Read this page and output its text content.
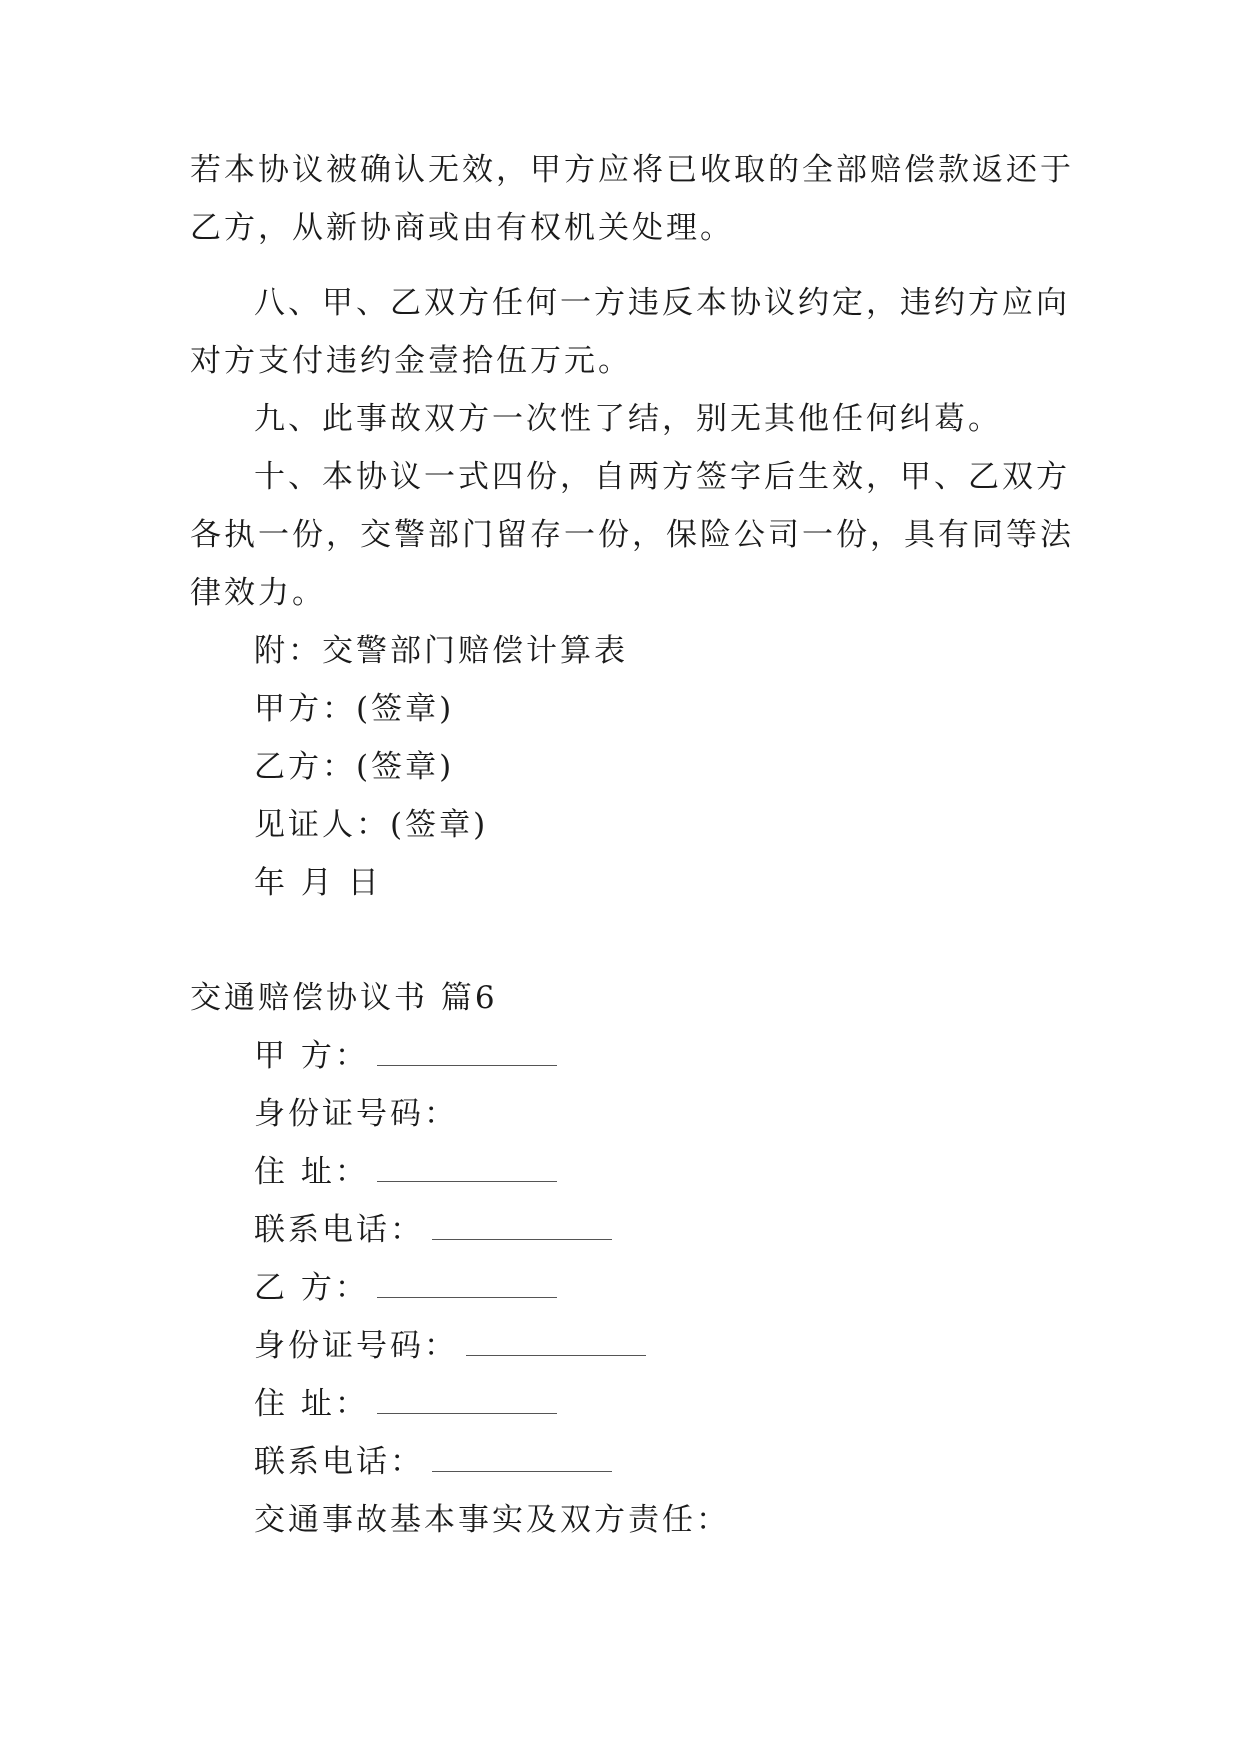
若本协议被确认无效，甲方应将已收取的全部赔偿款返还于
乙方，从新协商或由有权机关处理。
八、甲、乙双方任何一方违反本协议约定，违约方应向
对方支付违约金壹拾伍万元。
九、此事故双方一次性了结，别无其他任何纠葛。
十、本协议一式四份，自两方签字后生效，甲、乙双方
各执一份，交警部门留存一份，保险公司一份，具有同等法
律效力。
附：交警部门赔偿计算表
甲方：(签章)
乙方：(签章)
见证人：(签章)
年 月 日
交通赔偿协议书 篇6
甲 方：
身份证号码：
住 址：
联系电话：
乙 方：
身份证号码：
住 址：
联系电话：
交通事故基本事实及双方责任：
